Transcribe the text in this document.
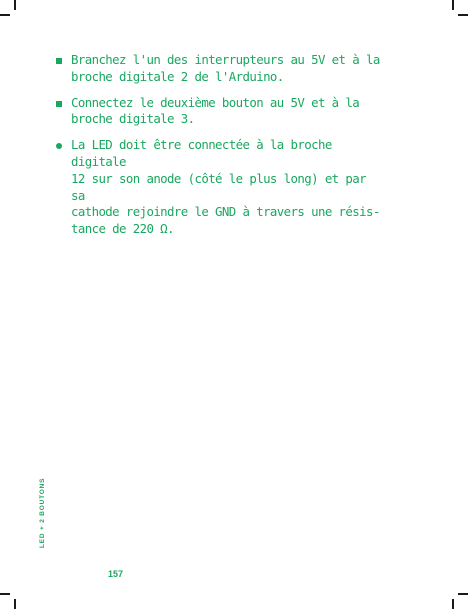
Branchez l'un des interrupteurs au 5V et à la
broche digitale 2 de l'Arduino.
Connectez le deuxième bouton au 5V et à la
broche digitale 3.
La LED doit être connectée à la broche digitale
12 sur son anode (côté le plus long) et par sa
cathode rejoindre le GND à travers une résis-
tance de 220 Ω.
LED + 2 BOUTONS
157
